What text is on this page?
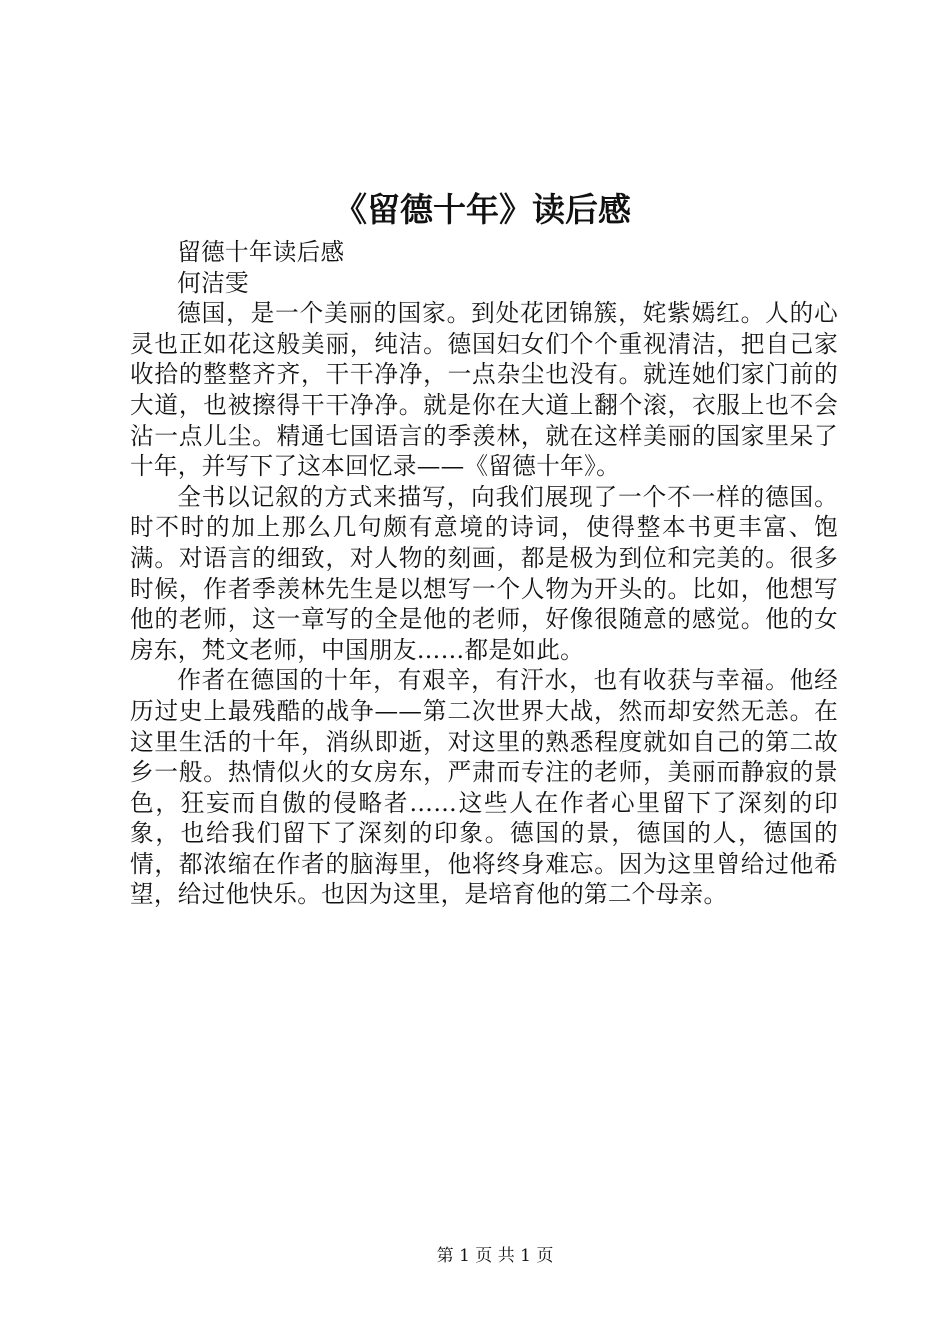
《留德十年》读后感

留德十年读后感

何洁雯

德国，是一个美丽的国家。到处花团锦簇，姹紫嫣红。人的心灵也正如花这般美丽，纯洁。德国妇女们个个重视清洁，把自己家收拾的整整齐齐，干干净净，一点杂尘也没有。就连她们家门前的大道，也被擦得干干净净。就是你在大道上翻个滚，衣服上也不会沾一点儿尘。精通七国语言的季羡林，就在这样美丽的国家里呆了十年，并写下了这本回忆录——《留德十年》。

全书以记叙的方式来描写，向我们展现了一个不一样的德国。时不时的加上那么几句颇有意境的诗词，使得整本书更丰富、饱满。对语言的细致，对人物的刻画，都是极为到位和完美的。很多时候，作者季羡林先生是以想写一个人物为开头的。比如，他想写他的老师，这一章写的全是他的老师，好像很随意的感觉。他的女房东，梵文老师，中国朋友……都是如此。

作者在德国的十年，有艰辛，有汗水，也有收获与幸福。他经历过史上最残酷的战争——第二次世界大战，然而却安然无恙。在这里生活的十年，消纵即逝，对这里的熟悉程度就如自己的第二故乡一般。热情似火的女房东，严肃而专注的老师，美丽而静寂的景色，狂妄而自傲的侵略者……这些人在作者心里留下了深刻的印象，也给我们留下了深刻的印象。德国的景，德国的人，德国的情，都浓缩在作者的脑海里，他将终身难忘。因为这里曾给过他希望，给过他快乐。也因为这里，是培育他的第二个母亲。

第 1 页 共 1 页
